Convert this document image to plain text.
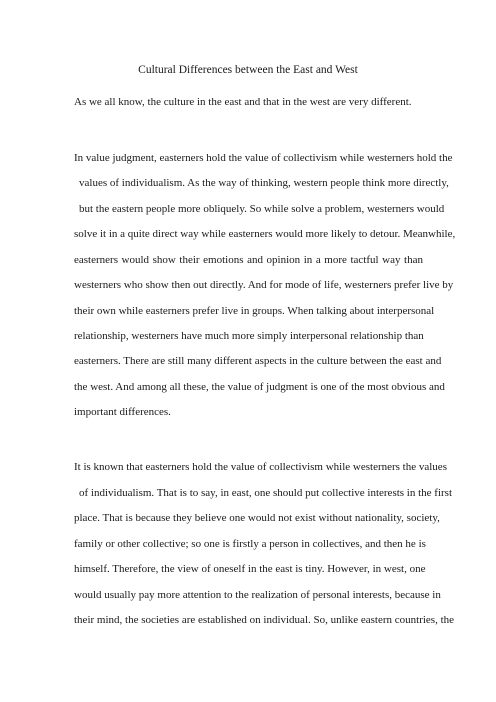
Cultural Differences between the East and West
As we all know, the culture in the east and that in the west are very different.
In value judgment, easterners hold the value of collectivism while westerners hold the
values of individualism. As the way of thinking, western people think more directly,
but the eastern people more obliquely. So while solve a problem, westerners would
solve it in a quite direct way while easterners would more likely to detour. Meanwhile,
easterners would show their emotions and opinion in a more tactful way than
westerners who show then out directly. And for mode of life, westerners prefer live by
their own while easterners prefer live in groups. When talking about interpersonal
relationship, westerners have much more simply interpersonal relationship than
easterners. There are still many different aspects in the culture between the east and
the west. And among all these, the value of judgment is one of the most obvious and
important differences.
It is known that easterners hold the value of collectivism while westerners the values
of individualism. That is to say, in east, one should put collective interests in the first
place. That is because they believe one would not exist without nationality, society,
family or other collective; so one is firstly a person in collectives, and then he is
himself. Therefore, the view of oneself in the east is tiny. However, in west, one
would usually pay more attention to the realization of personal interests, because in
their mind, the societies are established on individual. So, unlike eastern countries, the
